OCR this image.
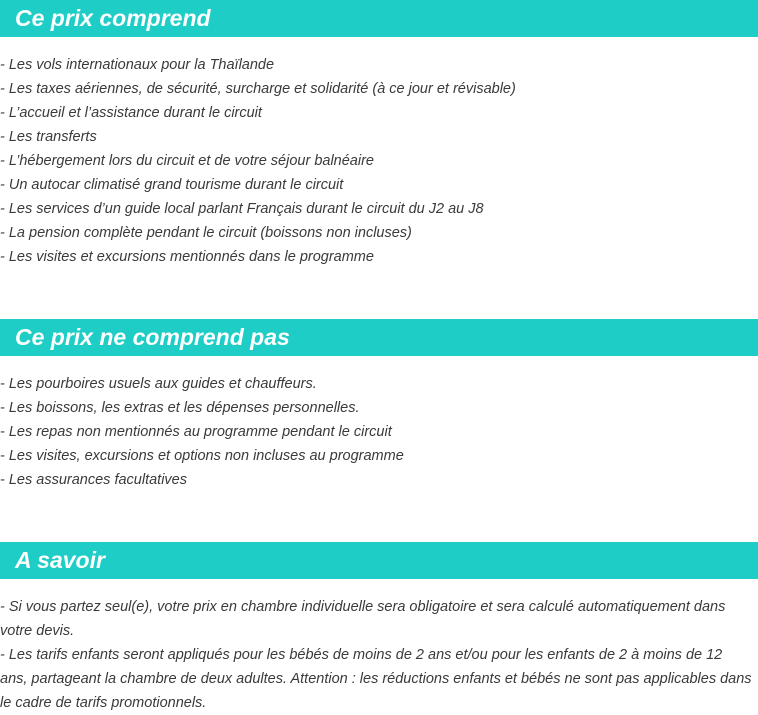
Ce prix comprend
- Les vols internationaux pour la Thaïlande
- Les taxes aériennes, de sécurité, surcharge et solidarité (à ce jour et révisable)
- L’accueil et l’assistance durant le circuit
- Les transferts
- L’hébergement lors du circuit et de votre séjour balnéaire
- Un autocar climatisé grand tourisme durant le circuit
- Les services d’un guide local parlant Français durant le circuit du J2 au J8
- La pension complète pendant le circuit (boissons non incluses)
- Les visites et excursions mentionnés dans le programme
Ce prix ne comprend pas
- Les pourboires usuels aux guides et chauffeurs.
- Les boissons, les extras et les dépenses personnelles.
- Les repas non mentionnés au programme pendant le circuit
- Les visites, excursions et options non incluses au programme
- Les assurances facultatives
A savoir

- Si vous partez seul(e), votre prix en chambre individuelle sera obligatoire et sera calculé automatiquement dans votre devis.

- Les tarifs enfants seront appliqués pour les bébés de moins de 2 ans et/ou pour les enfants de 2 à moins de 12 ans, partageant la chambre de deux adultes. Attention : les réductions enfants et bébés ne sont pas applicables dans le cadre de tarifs promotionnels.
